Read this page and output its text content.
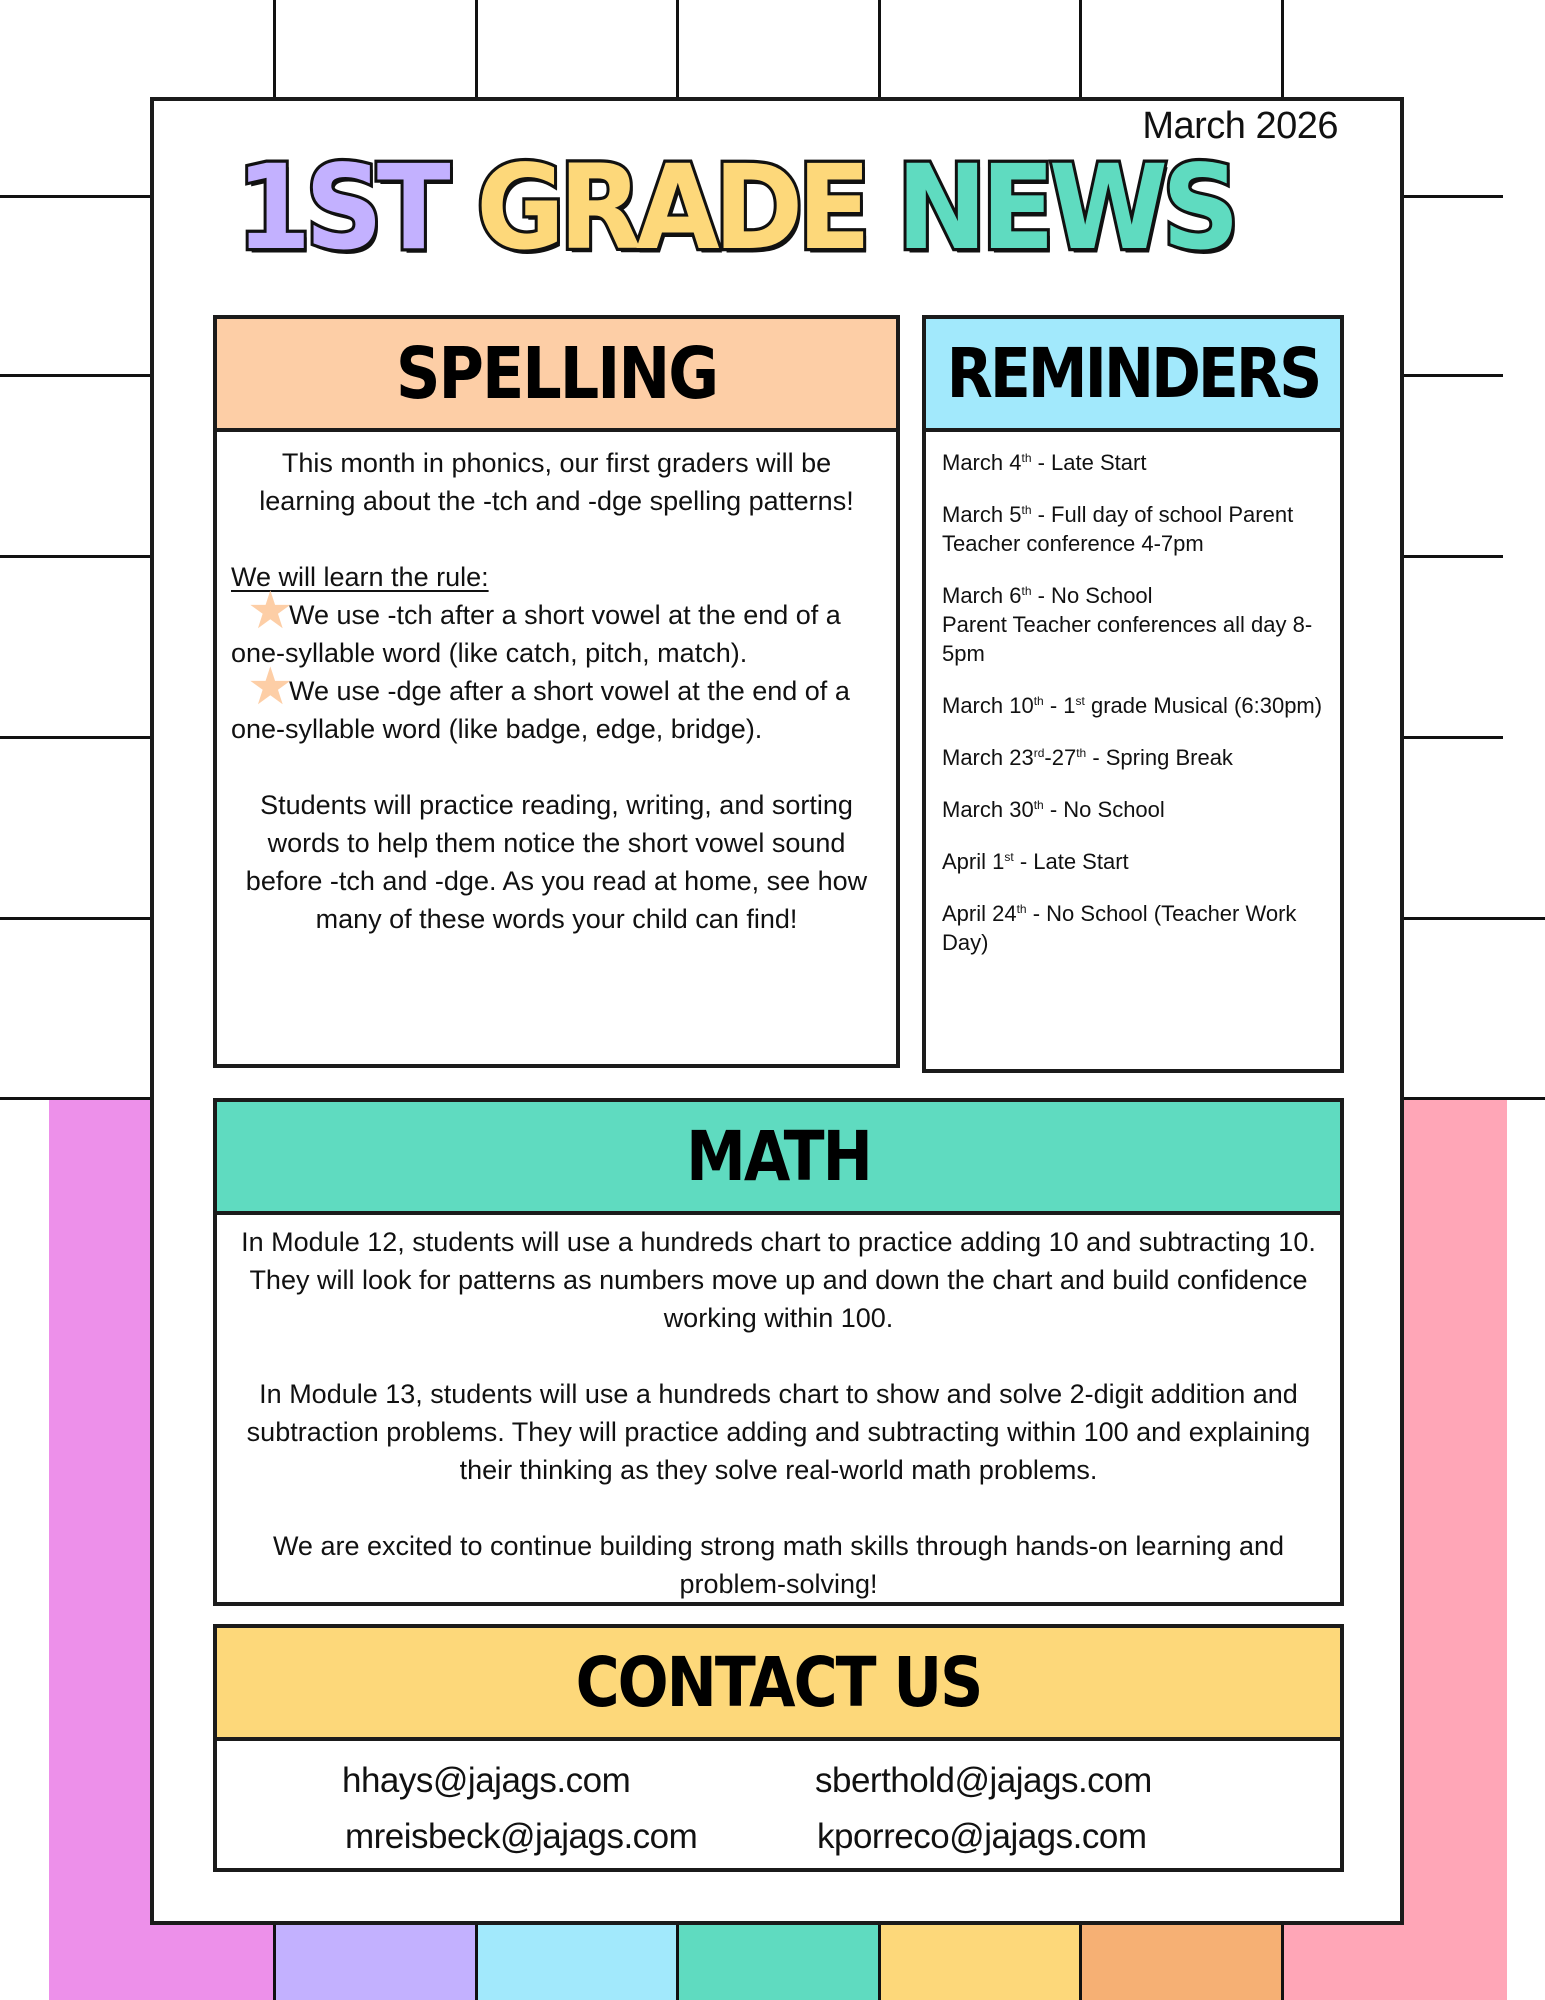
March 2026
1ST GRADE NEWS
SPELLING
This month in phonics, our first graders will be learning about the -tch and -dge spelling patterns!
We will learn the rule:
★We use -tch after a short vowel at the end of a one-syllable word (like catch, pitch, match).
★We use -dge after a short vowel at the end of a one-syllable word (like badge, edge, bridge).
Students will practice reading, writing, and sorting words to help them notice the short vowel sound before -tch and -dge. As you read at home, see how many of these words your child can find!
REMINDERS
March 4th - Late Start
March 5th - Full day of school Parent Teacher conference 4-7pm
March 6th - No School
Parent Teacher conferences all day 8-5pm
March 10th - 1st grade Musical (6:30pm)
March 23rd-27th - Spring Break
March 30th - No School
April 1st - Late Start
April 24th - No School (Teacher Work Day)
MATH

In Module 12, students will use a hundreds chart to practice adding 10 and subtracting 10. They will look for patterns as numbers move up and down the chart and build confidence working within 100.

In Module 13, students will use a hundreds chart to show and solve 2-digit addition and subtraction problems. They will practice adding and subtracting within 100 and explaining their thinking as they solve real-world math problems.

We are excited to continue building strong math skills through hands-on learning and problem-solving!

CONTACT US
hhays@jajags.com	sberthold@jajags.com
mreisbeck@jajags.com	kporreco@jajags.com
